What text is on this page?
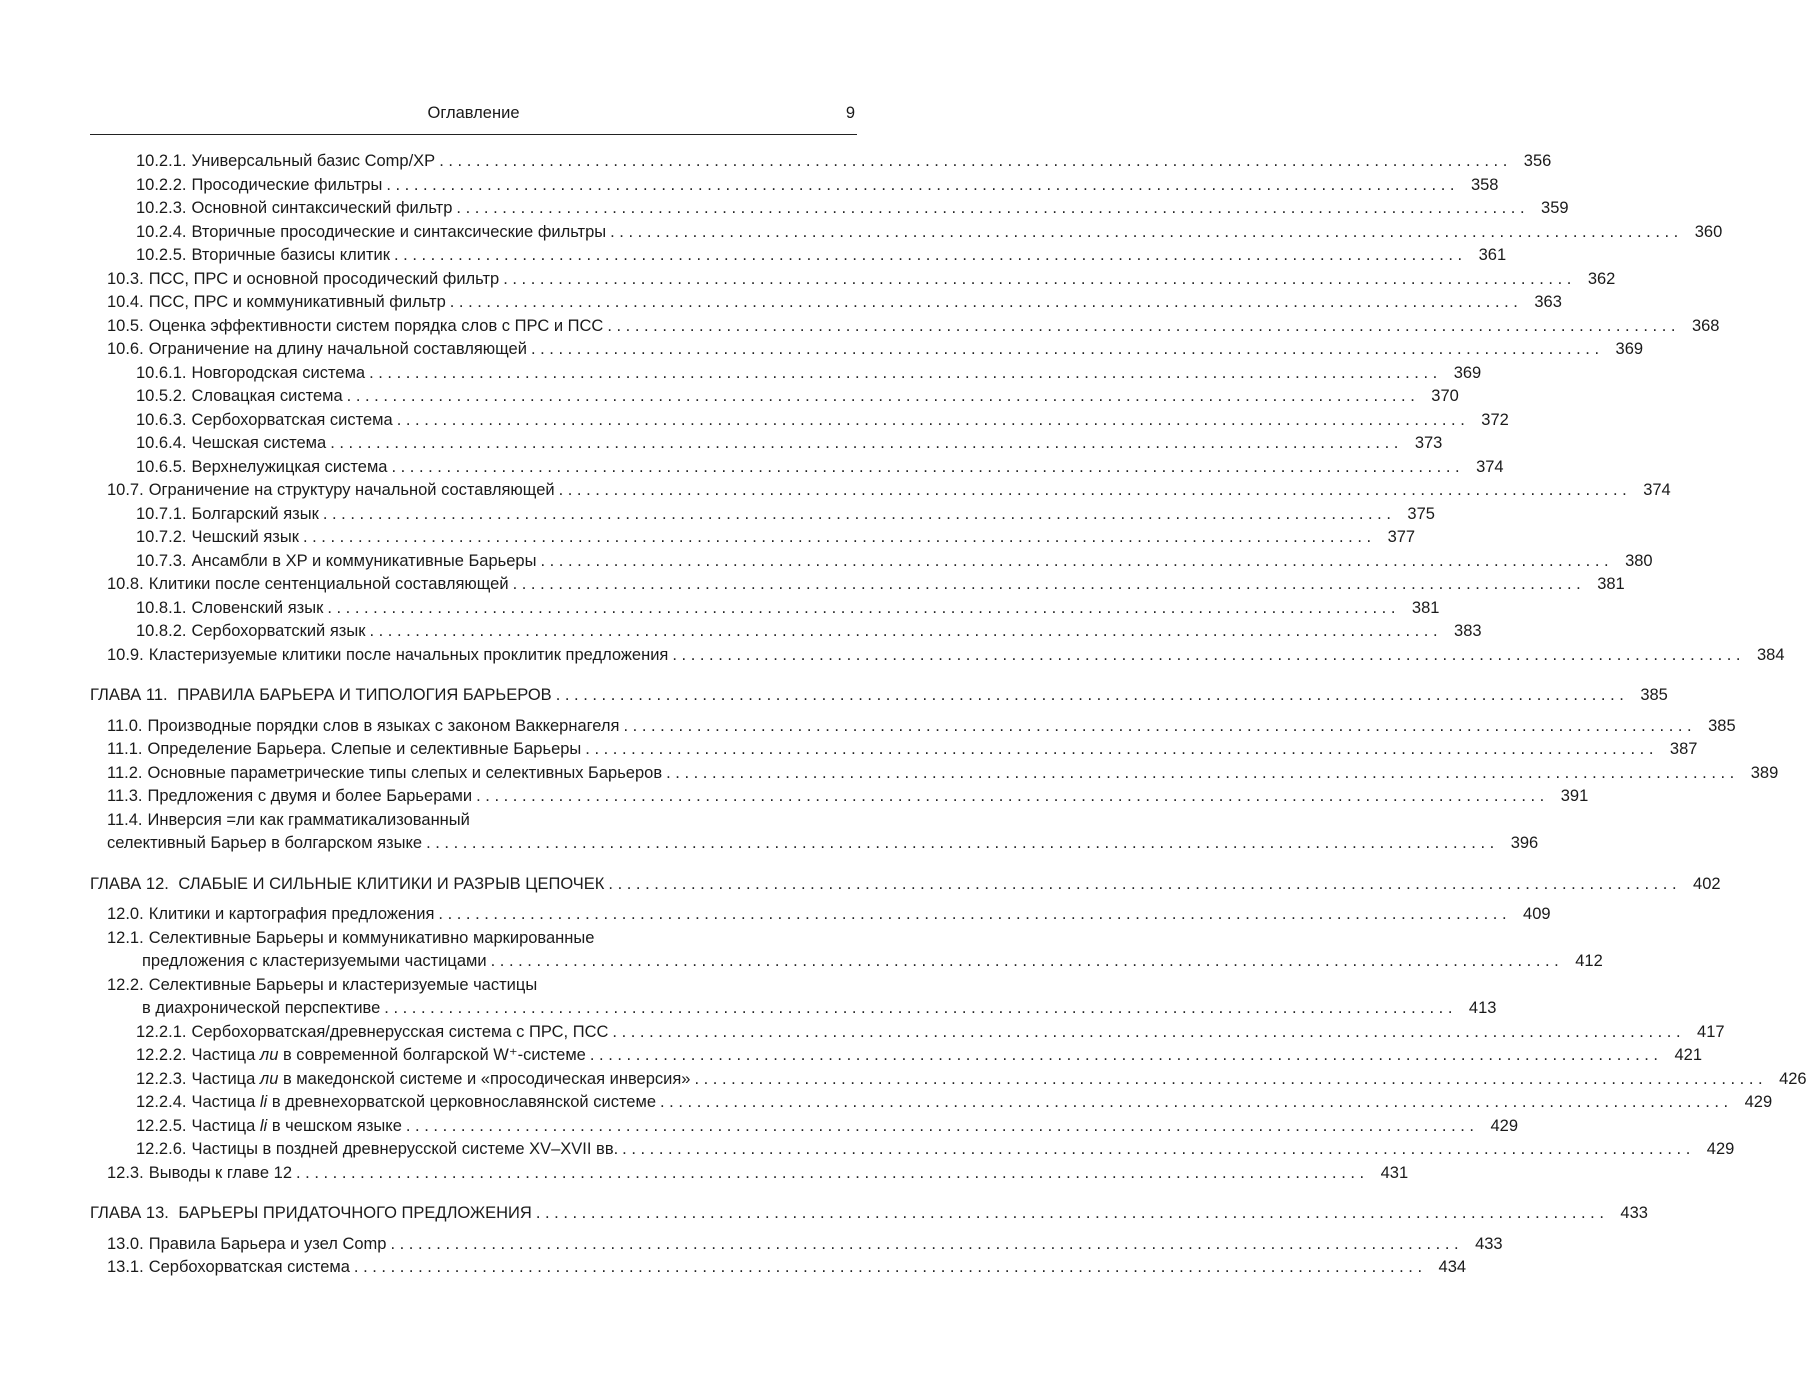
Оглавление	9
10.2.1. Универсальный базис Comp/XP . . .	356
10.2.2. Просодические фильтры . . .	358
10.2.3. Основной синтаксический фильтр . . .	359
10.2.4. Вторичные просодические и синтаксические фильтры . . .	360
10.2.5. Вторичные базисы клитик . . .	361
10.3. ПСС, ПРС и основной просодический фильтр . . .	362
10.4. ПСС, ПРС и коммуникативный фильтр . . .	363
10.5. Оценка эффективности систем порядка слов с ПРС и ПСС . . .	368
10.6. Ограничение на длину начальной составляющей . . .	369
10.6.1. Новгородская система . . .	369
10.5.2. Словацкая система . . .	370
10.6.3. Сербохорватская система . . .	372
10.6.4. Чешская система . . .	373
10.6.5. Верхнелужицкая система . . .	374
10.7. Ограничение на структуру начальной составляющей . . .	374
10.7.1. Болгарский язык . . .	375
10.7.2. Чешский язык . . .	377
10.7.3. Ансамбли в XP и коммуникативные Барьеры . . .	380
10.8. Клитики после сентенциальной составляющей . . .	381
10.8.1. Словенский язык . . .	381
10.8.2. Сербохорватский язык . . .	383
10.9. Кластеризуемые клитики после начальных проклитик предложения . . .	384
ГЛАВА 11. ПРАВИЛА БАРЬЕРА И ТИПОЛОГИЯ БАРЬЕРОВ . . .	385
11.0. Производные порядки слов в языках с законом Ваккернагеля . . .	385
11.1. Определение Барьера. Слепые и селективные Барьеры . . .	387
11.2. Основные параметрические типы слепых и селективных Барьеров . . .	389
11.3. Предложения с двумя и более Барьерами . . .	391
11.4. Инверсия =ли как грамматикализованный
селективный Барьер в болгарском языке . . .	396
ГЛАВА 12. СЛАБЫЕ И СИЛЬНЫЕ КЛИТИКИ И РАЗРЫВ ЦЕПОЧЕК . . .	402
12.0. Клитики и картография предложения . . .	409
12.1. Селективные Барьеры и коммуникативно маркированные
предложения с кластеризуемыми частицами . . .	412
12.2. Селективные Барьеры и кластеризуемые частицы
в диахронической перспективе . . .	413
12.2.1. Сербохорватская/древнерусская система с ПРС, ПСС . . .	417
12.2.2. Частица ли в современной болгарской W⁺-системе . . .	421
12.2.3. Частица ли в македонской системе и «просодическая инверсия» . . .	426
12.2.4. Частица li в древнехорватской церковнославянской системе . . .	429
12.2.5. Частица li в чешском языке . . .	429
12.2.6. Частицы в поздней древнерусской системе XV–XVII вв. . . .	429
12.3. Выводы к главе 12 . . .	431
ГЛАВА 13. БАРЬЕРЫ ПРИДАТОЧНОГО ПРЕДЛОЖЕНИЯ . . .	433
13.0. Правила Барьера и узел Comp . . .	433
13.1. Сербохорватская система . . .	434
